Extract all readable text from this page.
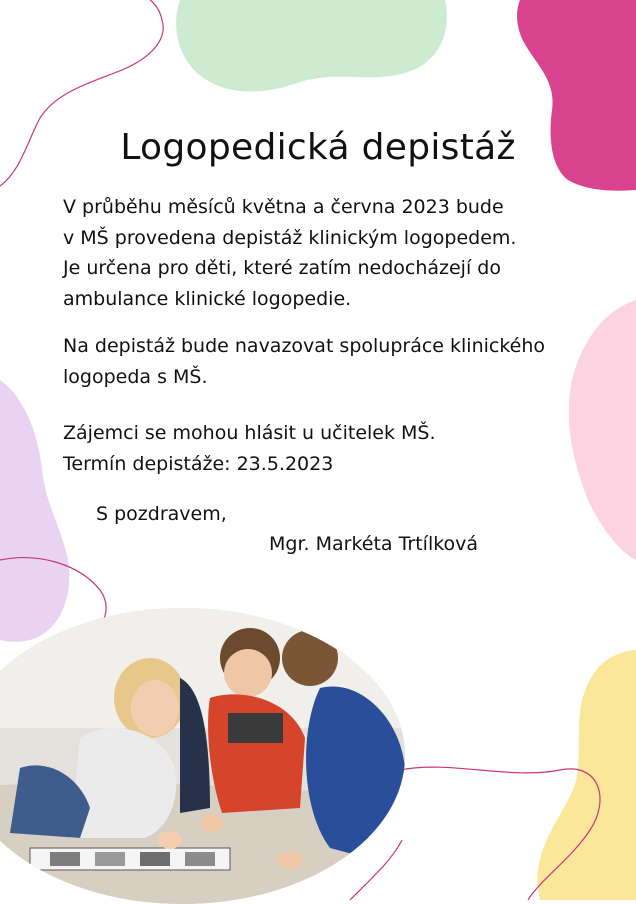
Logopedická depistáž

V průběhu měsíců května a června 2023 bude

v MŠ provedena depistáž klinickým logopedem.

Je určena pro děti, které zatím nedocházejí do

ambulance klinické logopedie.

Na depistáž bude navazovat spolupráce klinického

logopeda s MŠ.

Zájemci se mohou hlásit u učitelek MŠ.

Termín depistáže: 23.5.2023

S pozdravem,
Mgr. Markéta Trtílková
